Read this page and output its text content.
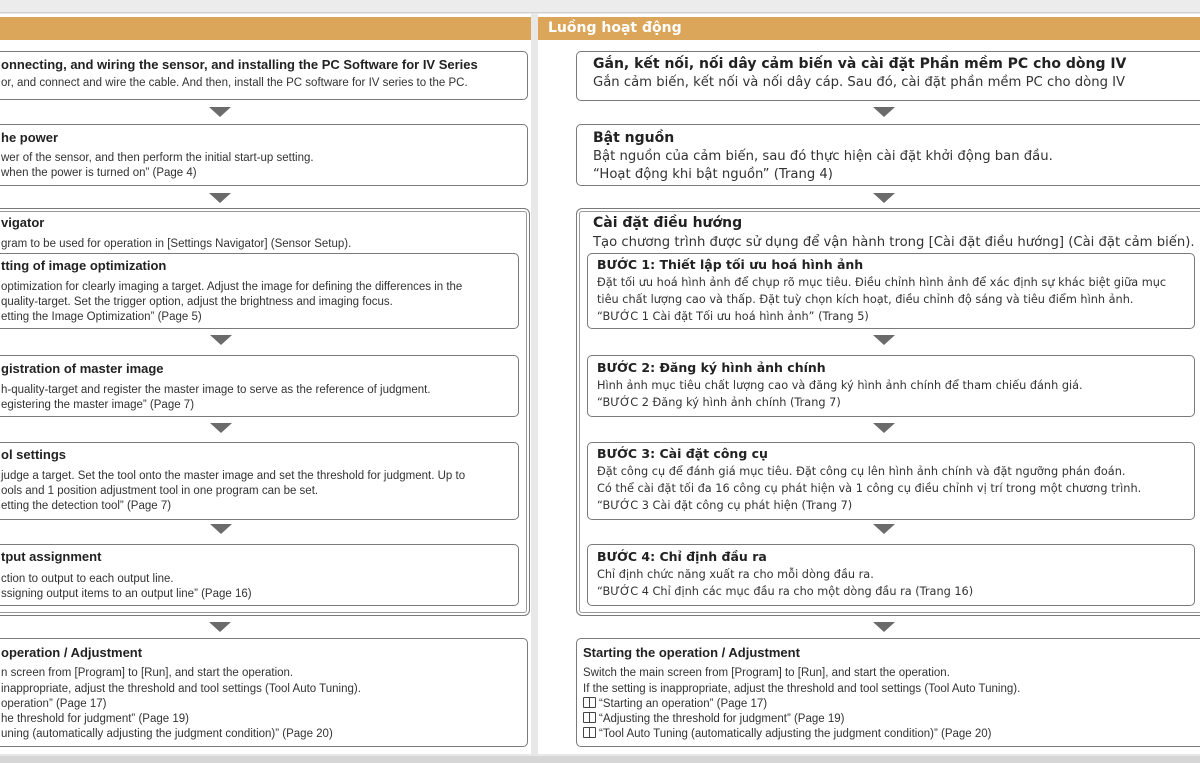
onnecting, and wiring the sensor, and installing the PC Software for IV Series
or, and connect and wire the cable. And then, install the PC software for IV series to the PC.
he power
wer of the sensor, and then perform the initial start-up setting.
when the power is turned on” (Page 4)
vigator
gram to be used for operation in [Settings Navigator] (Sensor Setup).
tting of image optimization
optimization for clearly imaging a target. Adjust the image for defining the differences in the
quality-target. Set the trigger option, adjust the brightness and imaging focus.
etting the Image Optimization” (Page 5)
gistration of master image
h-quality-target and register the master image to serve as the reference of judgment.
egistering the master image” (Page 7)
ol settings
judge a target. Set the tool onto the master image and set the threshold for judgment. Up to
ools and 1 position adjustment tool in one program can be set.
etting the detection tool” (Page 7)
tput assignment
ction to output to each output line.
ssigning output items to an output line” (Page 16)
operation / Adjustment
n screen from [Program] to [Run], and start the operation.
inappropriate, adjust the threshold and tool settings (Tool Auto Tuning).
operation” (Page 17)
he threshold for judgment” (Page 19)
uning (automatically adjusting the judgment condition)” (Page 20)
Luồng hoạt động
Gắn, kết nối, nối dây cảm biến và cài đặt Phần mềm PC cho dòng IV
Gắn cảm biến, kết nối và nối dây cáp. Sau đó, cài đặt phần mềm PC cho dòng IV
Bật nguồn
Bật nguồn của cảm biến, sau đó thực hiện cài đặt khởi động ban đầu.
“Hoạt động khi bật nguồn” (Trang 4)
Cài đặt điều hướng
Tạo chương trình được sử dụng để vận hành trong [Cài đặt điều hướng] (Cài đặt cảm biến).
BƯỚC 1: Thiết lập tối ưu hoá hình ảnh
Đặt tối ưu hoá hình ảnh để chụp rõ mục tiêu. Điều chỉnh hình ảnh để xác định sự khác biệt giữa mục
tiêu chất lượng cao và thấp. Đặt tuỳ chọn kích hoạt, điều chỉnh độ sáng và tiêu điểm hình ảnh.
“BƯỚC 1 Cài đặt Tối ưu hoá hình ảnh” (Trang 5)
BƯỚC 2: Đăng ký hình ảnh chính
Hình ảnh mục tiêu chất lượng cao và đăng ký hình ảnh chính để tham chiếu đánh giá.
“BƯỚC 2 Đăng ký hình ảnh chính (Trang 7)
BƯỚC 3: Cài đặt công cụ
Đặt công cụ để đánh giá mục tiêu. Đặt công cụ lên hình ảnh chính và đặt ngưỡng phán đoán.
Có thể cài đặt tối đa 16 công cụ phát hiện và 1 công cụ điều chỉnh vị trí trong một chương trình.
“BƯỚC 3 Cài đặt công cụ phát hiện (Trang 7)
BƯỚC 4: Chỉ định đầu ra
Chỉ định chức năng xuất ra cho mỗi dòng đầu ra.
“BƯỚC 4 Chỉ định các mục đầu ra cho một dòng đầu ra (Trang 16)
Starting the operation / Adjustment
Switch the main screen from [Program] to [Run], and start the operation.
If the setting is inappropriate, adjust the threshold and tool settings (Tool Auto Tuning).
“Starting an operation” (Page 17)
“Adjusting the threshold for judgment” (Page 19)
“Tool Auto Tuning (automatically adjusting the judgment condition)” (Page 20)
